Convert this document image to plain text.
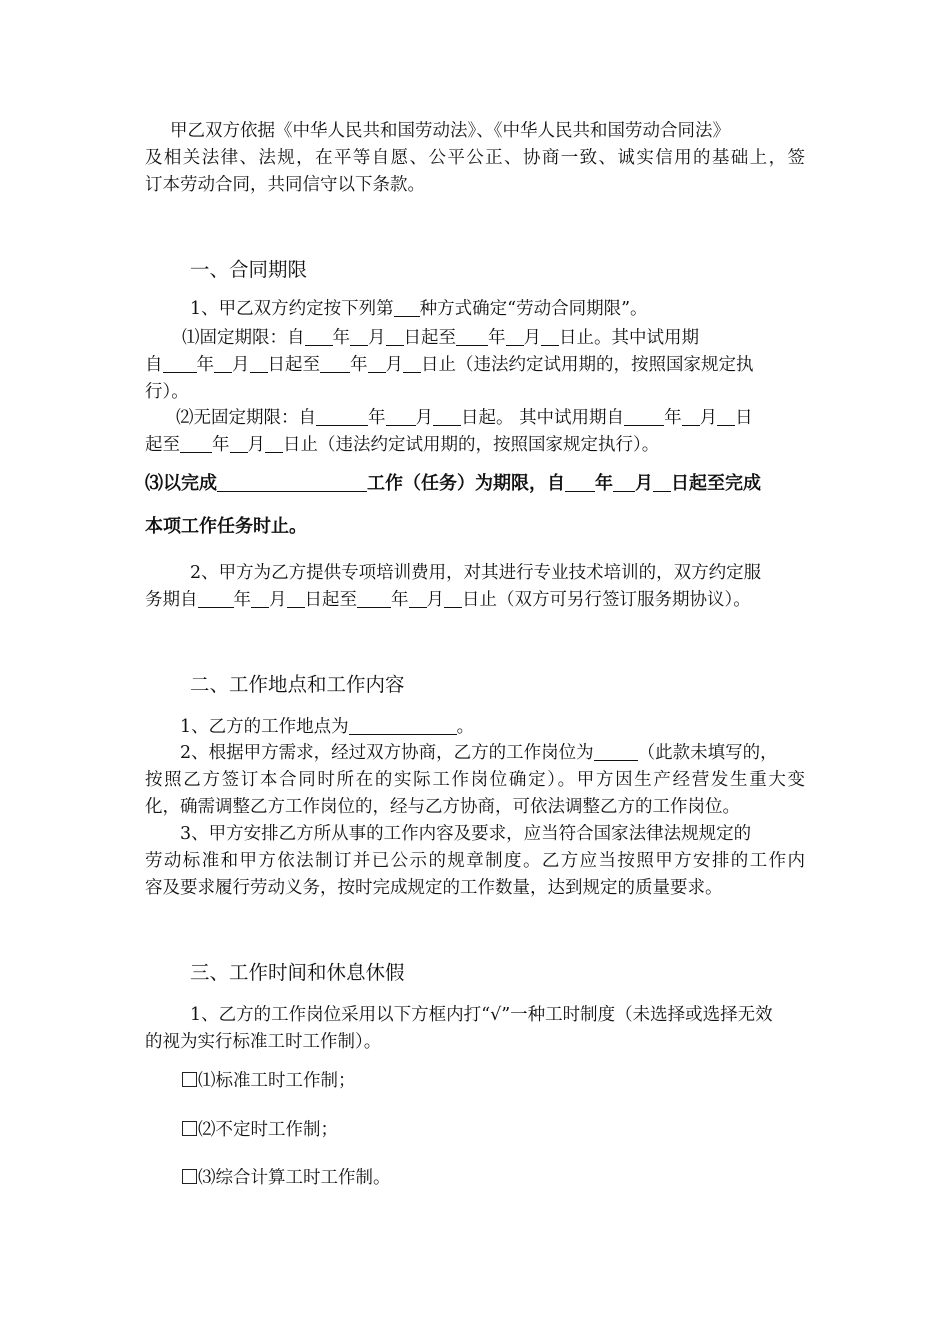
甲乙双方依据《中华人民共和国劳动法》、《中华人民共和国劳动合同法》
及相关法律、法规，在平等自愿、公平公正、协商一致、诚实信用的基础上，签
订本劳动合同，共同信守以下条款。
一、合同期限
1、甲乙双方约定按下列第 种方式确定“劳动合同期限”。
⑴固定期限：自 年 月 日起至 年 月 日止。其中试用期
自 年 月 日起至 年 月 日止（违法约定试用期的，按照国家规定执
行）。
⑵无固定期限：自	年 月 日起。 其中试用期自 年 月 日
起至 年 月 日止（违法约定试用期的，按照国家规定执行）。
⑶以完成	工作（任务）为期限，自 年 月 日起至完成
本项工作任务时止。
2、甲方为乙方提供专项培训费用，对其进行专业技术培训的，双方约定服
务期自 年 月 日起至 年 月 日止（双方可另行签订服务期协议）。
二、工作地点和工作内容
1、乙方的工作地点为	。
2、根据甲方需求，经过双方协商，乙方的工作岗位为	（此款未填写的，
按照乙方签订本合同时所在的实际工作岗位确定）。甲方因生产经营发生重大变
化，确需调整乙方工作岗位的，经与乙方协商，可依法调整乙方的工作岗位。
3、甲方安排乙方所从事的工作内容及要求，应当符合国家法律法规规定的
劳动标准和甲方依法制订并已公示的规章制度。乙方应当按照甲方安排的工作内
容及要求履行劳动义务，按时完成规定的工作数量，达到规定的质量要求。
三、工作时间和休息休假
1、乙方的工作岗位采用以下方框内打“√”一种工时制度（未选择或选择无效
的视为实行标准工时工作制）。
⑴标准工时工作制；
⑵不定时工作制；
⑶综合计算工时工作制。
